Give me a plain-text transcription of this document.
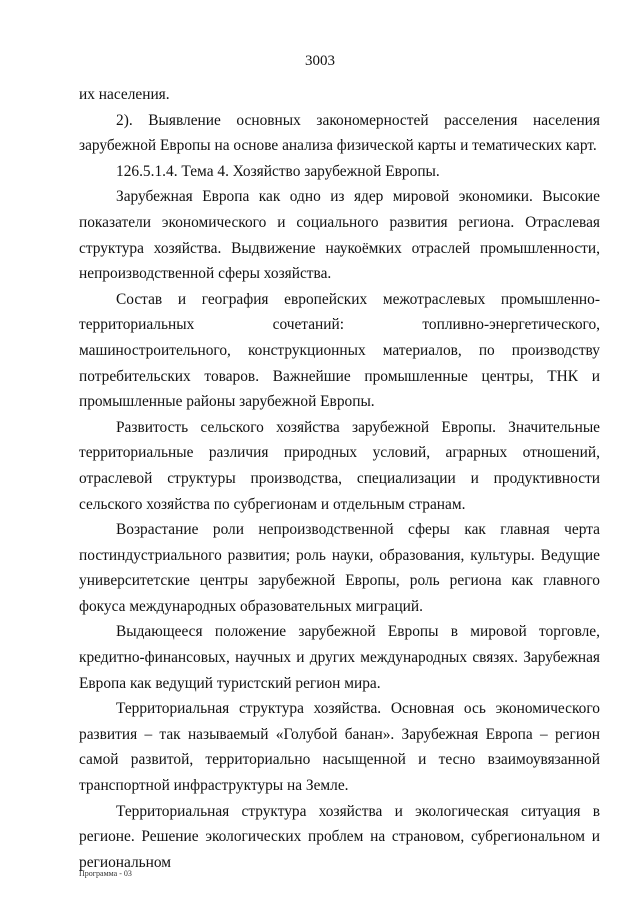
3003

их населения.

2). Выявление основных закономерностей расселения населения зарубежной Европы на основе анализа физической карты и тематических карт.

126.5.1.4. Тема 4. Хозяйство зарубежной Европы.

Зарубежная Европа как одно из ядер мировой экономики. Высокие показатели экономического и социального развития региона. Отраслевая структура хозяйства. Выдвижение наукоёмких отраслей промышленности, непроизводственной сферы хозяйства.

Состав и география европейских межотраслевых промышленно-территориальных сочетаний: топливно-энергетического, машиностроительного, конструкционных материалов, по производству потребительских товаров. Важнейшие промышленные центры, ТНК и промышленные районы зарубежной Европы.

Развитость сельского хозяйства зарубежной Европы. Значительные территориальные различия природных условий, аграрных отношений, отраслевой структуры производства, специализации и продуктивности сельского хозяйства по субрегионам и отдельным странам.

Возрастание роли непроизводственной сферы как главная черта постиндустриального развития; роль науки, образования, культуры. Ведущие университетские центры зарубежной Европы, роль региона как главного фокуса международных образовательных миграций.

Выдающееся положение зарубежной Европы в мировой торговле, кредитно-финансовых, научных и других международных связях. Зарубежная Европа как ведущий туристский регион мира.

Территориальная структура хозяйства. Основная ось экономического развития – так называемый «Голубой банан». Зарубежная Европа – регион самой развитой, территориально насыщенной и тесно взаимоувязанной транспортной инфраструктуры на Земле.

Территориальная структура хозяйства и экологическая ситуация в регионе. Решение экологических проблем на страновом, субрегиональном и региональном

Программа - 03
